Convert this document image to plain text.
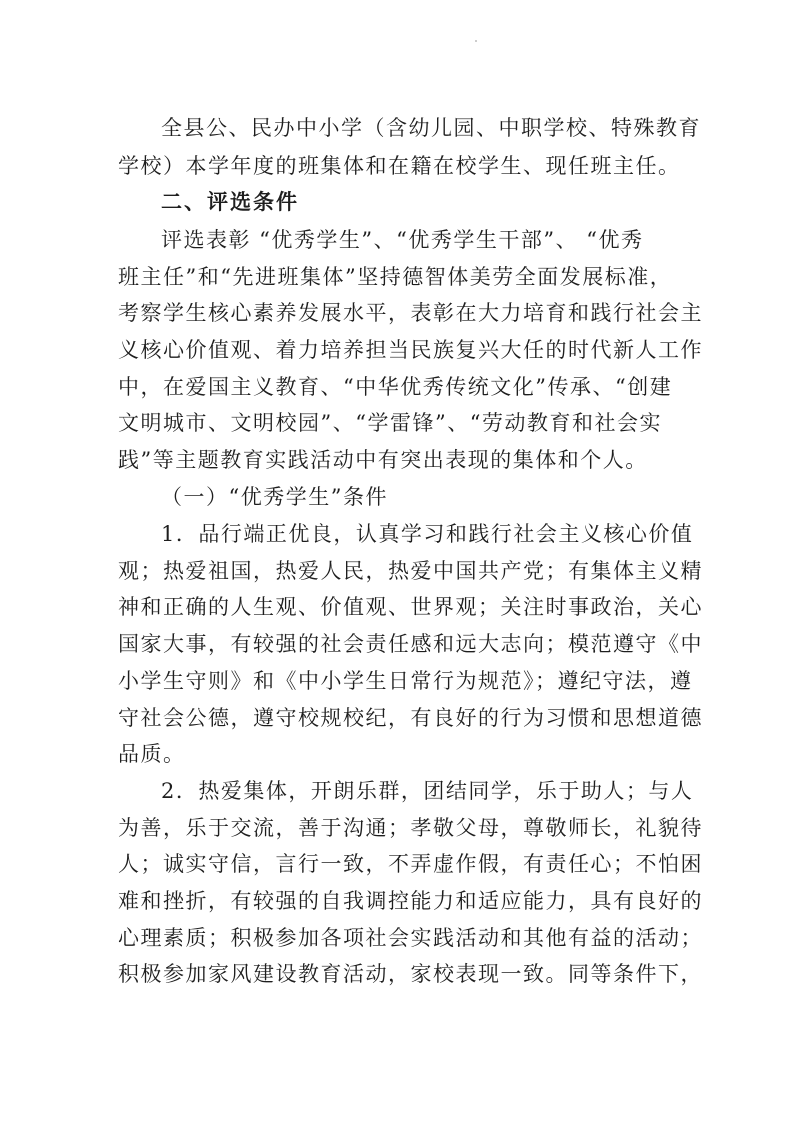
全县公、民办中小学（含幼儿园、中职学校、特殊教育
学校）本学年度的班集体和在籍在校学生、现任班主任。
二、评选条件
评选表彰 “优秀学生”、“优秀学生干部”、 “优秀
班主任”和“先进班集体”坚持德智体美劳全面发展标准，
考察学生核心素养发展水平，表彰在大力培育和践行社会主
义核心价值观、着力培养担当民族复兴大任的时代新人工作
中，在爱国主义教育、“中华优秀传统文化”传承、“创建
文明城市、文明校园”、“学雷锋”、“劳动教育和社会实
践”等主题教育实践活动中有突出表现的集体和个人。
（一）“优秀学生”条件
1．品行端正优良，认真学习和践行社会主义核心价值
观；热爱祖国，热爱人民，热爱中国共产党；有集体主义精
神和正确的人生观、价值观、世界观；关注时事政治，关心
国家大事，有较强的社会责任感和远大志向；模范遵守《中
小学生守则》和《中小学生日常行为规范》；遵纪守法，遵
守社会公德，遵守校规校纪，有良好的行为习惯和思想道德
品质。
2．热爱集体，开朗乐群，团结同学，乐于助人；与人
为善，乐于交流，善于沟通；孝敬父母，尊敬师长，礼貌待
人；诚实守信，言行一致，不弄虚作假，有责任心；不怕困
难和挫折，有较强的自我调控能力和适应能力，具有良好的
心理素质；积极参加各项社会实践活动和其他有益的活动；
积极参加家风建设教育活动，家校表现一致。同等条件下，
